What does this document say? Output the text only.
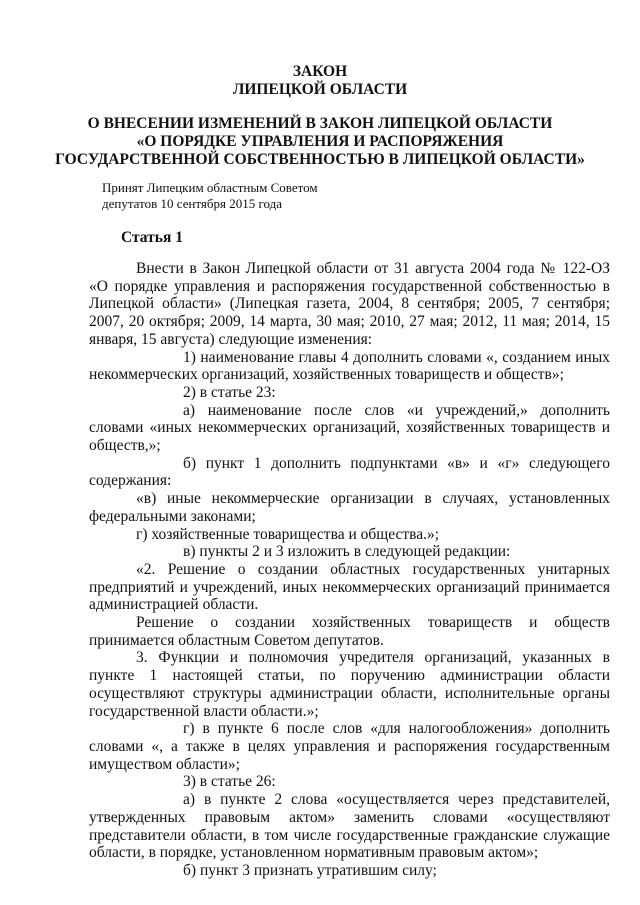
ЗАКОН
ЛИПЕЦКОЙ ОБЛАСТИ
О ВНЕСЕНИИ ИЗМЕНЕНИЙ В ЗАКОН ЛИПЕЦКОЙ ОБЛАСТИ
«О ПОРЯДКЕ УПРАВЛЕНИЯ И РАСПОРЯЖЕНИЯ
ГОСУДАРСТВЕННОЙ СОБСТВЕННОСТЬЮ В ЛИПЕЦКОЙ ОБЛАСТИ»
Принят Липецким областным Советом
депутатов 10 сентября 2015 года
Статья 1

Внести в Закон Липецкой области от 31 августа 2004 года № 122-ОЗ «О порядке управления и распоряжения государственной собственностью в Липецкой области» (Липецкая газета, 2004, 8 сентября; 2005, 7 сентября; 2007, 20 октября; 2009, 14 марта, 30 мая; 2010, 27 мая; 2012, 11 мая; 2014, 15 января, 15 августа) следующие изменения:

1) наименование главы 4 дополнить словами «, созданием иных некоммерческих организаций, хозяйственных товариществ и обществ»;

2) в статье 23:

а) наименование после слов «и учреждений,» дополнить словами «иных некоммерческих организаций, хозяйственных товариществ и обществ,»;

б) пункт 1 дополнить подпунктами «в» и «г» следующего содержания:

«в) иные некоммерческие организации в случаях, установленных федеральными законами;

г) хозяйственные товарищества и общества.»;

в) пункты 2 и 3 изложить в следующей редакции:

«2. Решение о создании областных государственных унитарных предприятий и учреждений, иных некоммерческих организаций принимается администрацией области.

Решение о создании хозяйственных товариществ и обществ принимается областным Советом депутатов.

3. Функции и полномочия учредителя организаций, указанных в пункте 1 настоящей статьи, по поручению администрации области осуществляют структуры администрации области, исполнительные органы государственной власти области.»;

г) в пункте 6 после слов «для налогообложения» дополнить словами «, а также в целях управления и распоряжения государственным имуществом области»;

3) в статье 26:

а) в пункте 2 слова «осуществляется через представителей, утвержденных правовым актом» заменить словами «осуществляют представители области, в том числе государственные гражданские служащие области, в порядке, установленном нормативным правовым актом»;

б) пункт 3 признать утратившим силу;
